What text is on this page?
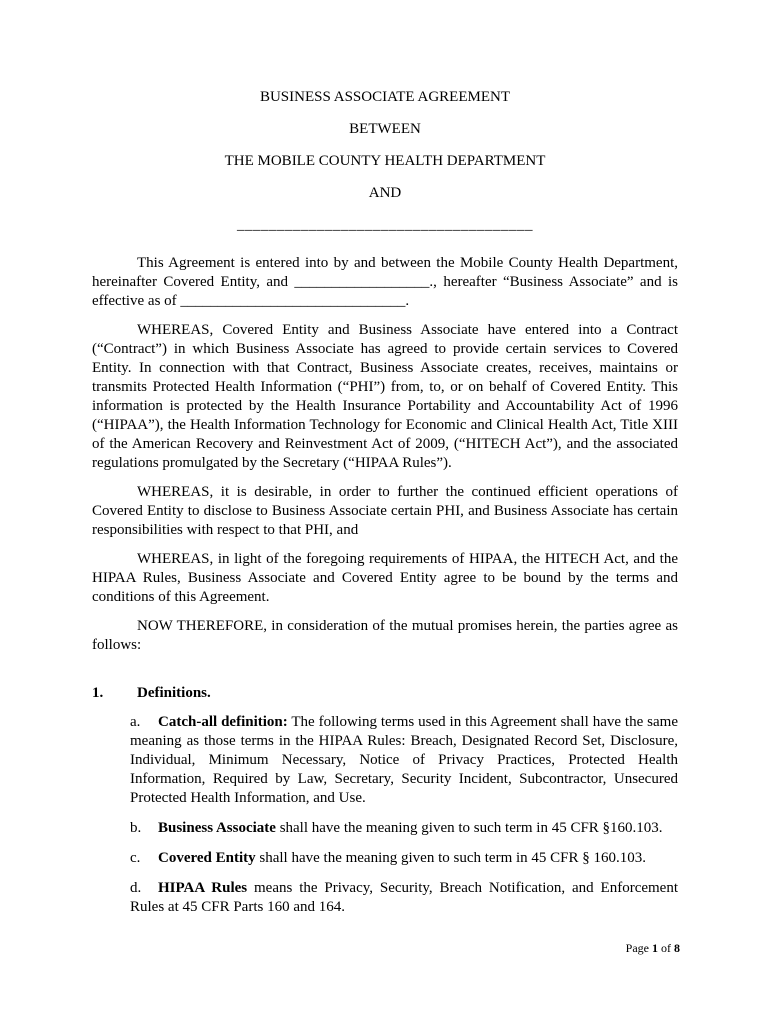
BUSINESS ASSOCIATE AGREEMENT

BETWEEN

THE MOBILE COUNTY HEALTH DEPARTMENT

AND

_____________________________________

This Agreement is entered into by and between the Mobile County Health Department, hereinafter Covered Entity, and __________________., hereafter “Business Associate” and is effective as of ______________________________.

WHEREAS, Covered Entity and Business Associate have entered into a Contract (“Contract”) in which Business Associate has agreed to provide certain services to Covered Entity. In connection with that Contract, Business Associate creates, receives, maintains or transmits Protected Health Information (“PHI”) from, to, or on behalf of Covered Entity. This information is protected by the Health Insurance Portability and Accountability Act of 1996 (“HIPAA”), the Health Information Technology for Economic and Clinical Health Act, Title XIII of the American Recovery and Reinvestment Act of 2009, (“HITECH Act”), and the associated regulations promulgated by the Secretary (“HIPAA Rules”).

WHEREAS, it is desirable, in order to further the continued efficient operations of Covered Entity to disclose to Business Associate certain PHI, and Business Associate has certain responsibilities with respect to that PHI, and

WHEREAS, in light of the foregoing requirements of HIPAA, the HITECH Act, and the HIPAA Rules, Business Associate and Covered Entity agree to be bound by the terms and conditions of this Agreement.

NOW THEREFORE, in consideration of the mutual promises herein, the parties agree as follows:

1. Definitions.
a. Catch-all definition: The following terms used in this Agreement shall have the same meaning as those terms in the HIPAA Rules: Breach, Designated Record Set, Disclosure, Individual, Minimum Necessary, Notice of Privacy Practices, Protected Health Information, Required by Law, Secretary, Security Incident, Subcontractor, Unsecured Protected Health Information, and Use.
b. Business Associate shall have the meaning given to such term in 45 CFR §160.103.
c. Covered Entity shall have the meaning given to such term in 45 CFR § 160.103.
d. HIPAA Rules means the Privacy, Security, Breach Notification, and Enforcement Rules at 45 CFR Parts 160 and 164.
Page 1 of 8
